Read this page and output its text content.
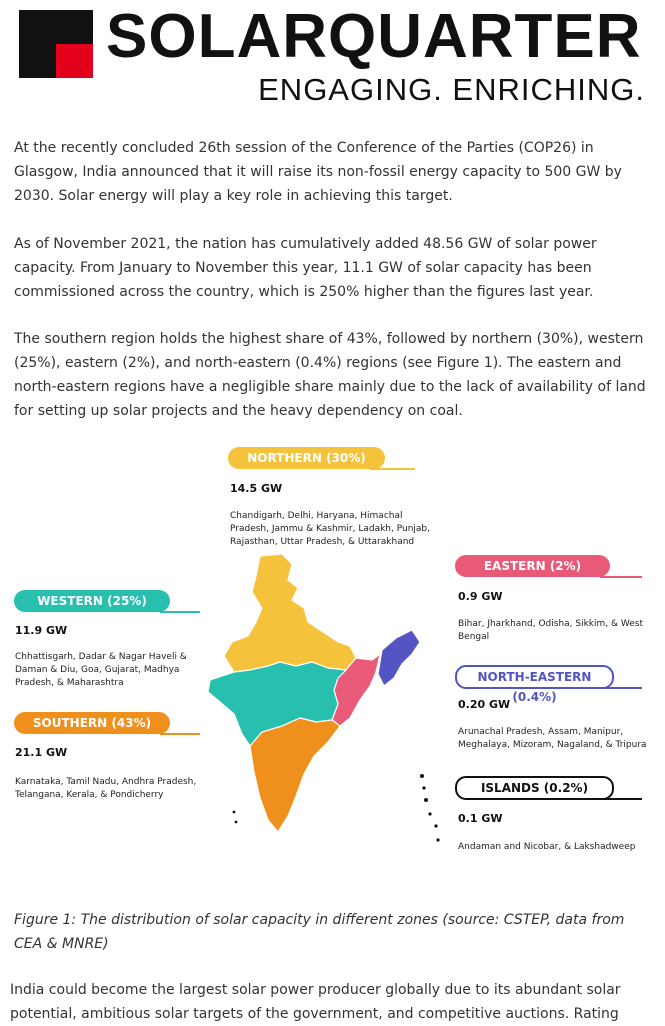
SOLARQUARTER
ENGAGING. ENRICHING.

At the recently concluded 26th session of the Conference of the Parties (COP26) in Glasgow, India announced that it will raise its non-fossil energy capacity to 500 GW by 2030. Solar energy will play a key role in achieving this target.

As of November 2021, the nation has cumulatively added 48.56 GW of solar power capacity. From January to November this year, 11.1 GW of solar capacity has been commissioned across the country, which is 250% higher than the figures last year.

The southern region holds the highest share of 43%, followed by northern (30%), western (25%), eastern (2%), and north-eastern (0.4%) regions (see Figure 1). The eastern and north-eastern regions have a negligible share mainly due to the lack of availability of land for setting up solar projects and the heavy dependency on coal.

NORTHERN (30%)
14.5 GW
Chandigarh, Delhi, Haryana, Himachal Pradesh, Jammu & Kashmir, Ladakh, Punjab, Rajasthan, Uttar Pradesh, & Uttarakhand
EASTERN (2%)
0.9 GW
Bihar, Jharkhand, Odisha, Sikkim, & West Bengal
WESTERN (25%)
11.9 GW
Chhattisgarh, Dadar & Nagar Haveli & Daman & Diu, Goa, Gujarat, Madhya Pradesh, & Maharashtra	NORTH-EASTERN (0.4%)
0.20 GW
Arunachal Pradesh, Assam, Manipur, Meghalaya, Mizoram, Nagaland, & Tripura
SOUTHERN (43%)
21.1 GW
Karnataka, Tamil Nadu, Andhra Pradesh, Telangana, Kerala, & Pondicherry	ISLANDS (0.2%)
0.1 GW
Andaman and Nicobar, & Lakshadweep

Figure 1: The distribution of solar capacity in different zones (source: CSTEP, data from CEA & MNRE)

India could become the largest solar power producer globally due to its abundant solar potential, ambitious solar targets of the government, and competitive auctions. Rating
